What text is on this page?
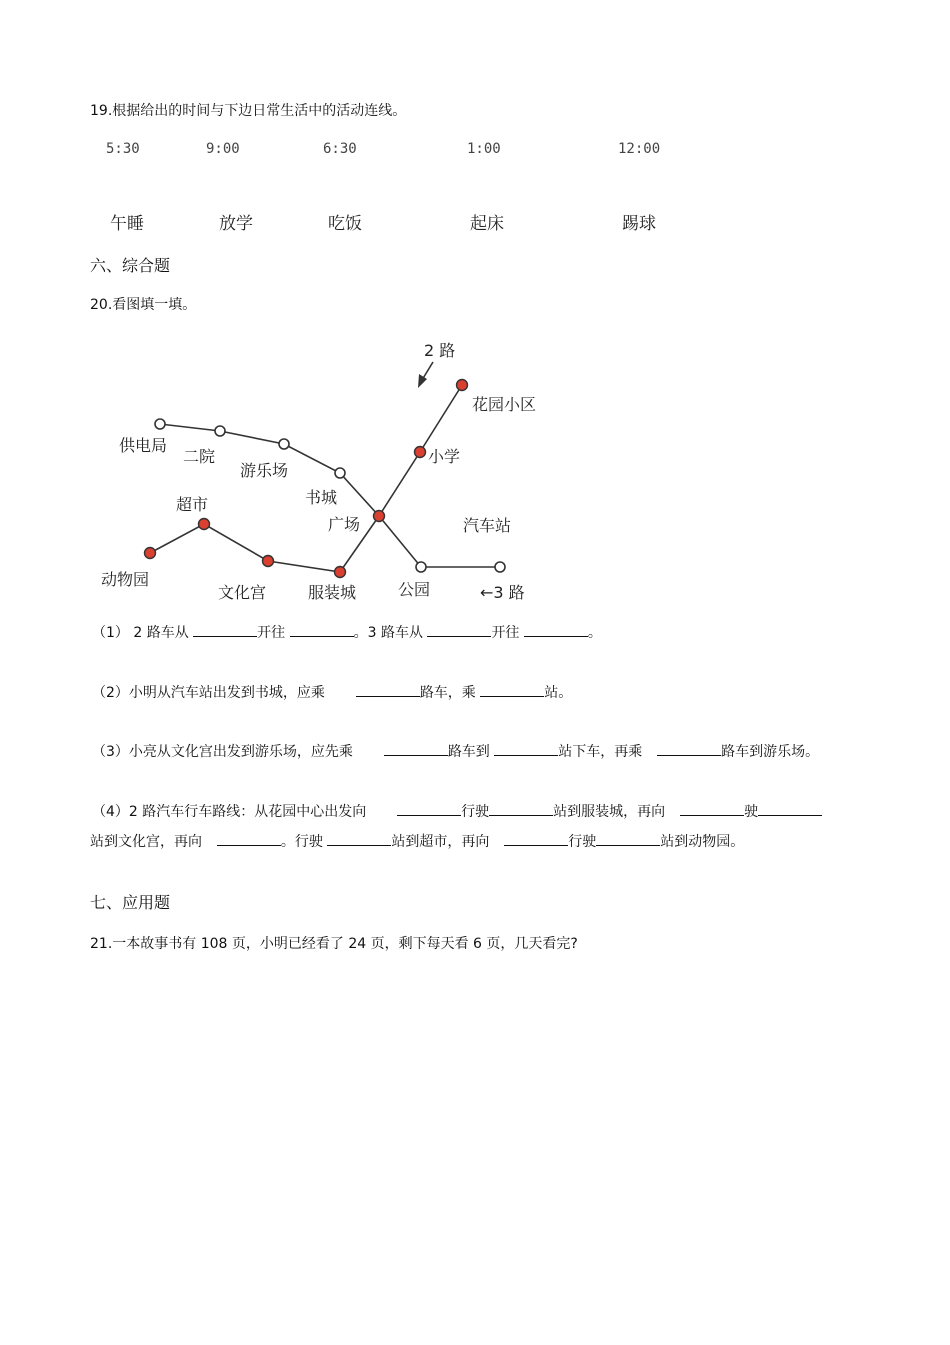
19.根据给出的时间与下边日常生活中的活动连线。
5:30	9:00	6:30	1:00	12:00
午睡	放学	吃饭	起床	踢球
六、综合题
20.看图填一填。
2 路
花园小区
小学
供电局
二院
游乐场
书城
广场	汽车站
超市
动物园
文化宫	服装城	公园	←3 路
（1） 2 路车从	开往	。3 路车从	开往	。
（2）小明从汽车站出发到书城，应乘	路车，乘	站。
（3）小亮从文化宫出发到游乐场，应先乘	路车到	站下车，再乘	路车到游乐场。
（4）2 路汽车行车路线：从花园中心出发向	行驶	站到服装城，再向	驶
站到文化宫，再向	。行驶	站到超市，再向	行驶	站到动物园。
七、应用题
21.一本故事书有 108 页，小明已经看了 24 页，剩下每天看 6 页，几天看完?
